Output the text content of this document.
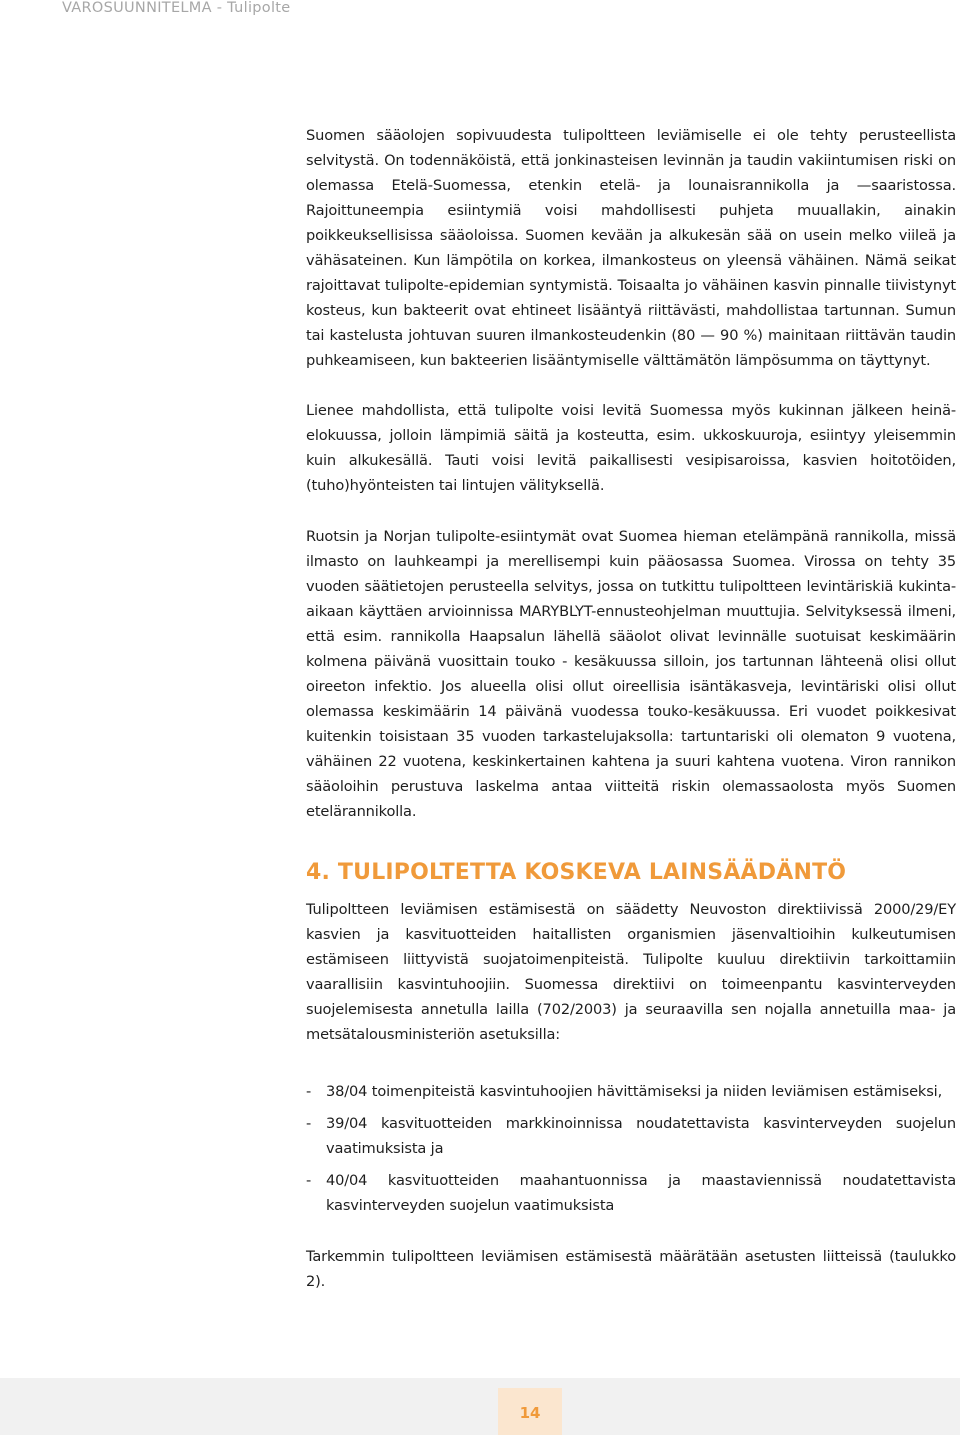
VAROSUUNNITELMA - Tulipolte

Suomen sääolojen sopivuudesta tulipoltteen leviämiselle ei ole tehty perusteellista selvitystä. On todennäköistä, että jonkinasteisen levinnän ja taudin vakiintumisen riski on olemassa Etelä-Suomessa, etenkin etelä- ja lounaisrannikolla ja —saaristossa. Rajoittuneempia esiintymiä voisi mahdollisesti puhjeta muuallakin, ainakin poikkeuksellisissa sääoloissa. Suomen kevään ja alkukesän sää on usein melko viileä ja vähäsateinen. Kun lämpötila on korkea, ilmankosteus on yleensä vähäinen. Nämä seikat rajoittavat tulipolte-epidemian syntymistä. Toisaalta jo vähäinen kasvin pinnalle tiivistynyt kosteus, kun bakteerit ovat ehtineet lisääntyä riittävästi, mahdollistaa tartunnan. Sumun tai kastelusta johtuvan suuren ilmankosteudenkin (80 — 90 %) mainitaan riittävän taudin puhkeamiseen, kun bakteerien lisääntymiselle välttämätön lämpösumma on täyttynyt.

Lienee mahdollista, että tulipolte voisi levitä Suomessa myös kukinnan jälkeen heinä-elokuussa, jolloin lämpimiä säitä ja kosteutta, esim. ukkoskuuroja, esiintyy yleisemmin kuin alkukesällä. Tauti voisi levitä paikallisesti vesipisaroissa, kasvien hoitotöiden, (tuho)hyönteisten tai lintujen välityksellä.

Ruotsin ja Norjan tulipolte-esiintymät ovat Suomea hieman etelämpänä rannikolla, missä ilmasto on lauhkeampi ja merellisempi kuin pääosassa Suomea. Virossa on tehty 35 vuoden säätietojen perusteella selvitys, jossa on tutkittu tulipoltteen levintäriskiä kukinta-aikaan käyttäen arvioinnissa MARYBLYT-ennusteohjelman muuttujia. Selvityksessä ilmeni, että esim. rannikolla Haapsalun lähellä sääolot olivat levinnälle suotuisat keskimäärin kolmena päivänä vuosittain touko - kesäkuussa silloin, jos tartunnan lähteenä olisi ollut oireeton infektio. Jos alueella olisi ollut oireellisia isäntäkasveja, levintäriski olisi ollut olemassa keskimäärin 14 päivänä vuodessa touko-kesäkuussa. Eri vuodet poikkesivat kuitenkin toisistaan 35 vuoden tarkastelujaksolla: tartuntariski oli olematon 9 vuotena, vähäinen 22 vuotena, keskinkertainen kahtena ja suuri kahtena vuotena. Viron rannikon sääoloihin perustuva laskelma antaa viitteitä riskin olemassaolosta myös Suomen etelärannikolla.

4. TULIPOLTETTA KOSKEVA LAINSÄÄDÄNTÖ

Tulipoltteen leviämisen estämisestä on säädetty Neuvoston direktiivissä 2000/29/EY kasvien ja kasvituotteiden haitallisten organismien jäsenvaltioihin kulkeutumisen estämiseen liittyvistä suojatoimenpiteistä. Tulipolte kuuluu direktiivin tarkoittamiin vaarallisiin kasvintuhoojiin. Suomessa direktiivi on toimeenpantu kasvinterveyden suojelemisesta annetulla lailla (702/2003) ja seuraavilla sen nojalla annetuilla maa- ja metsätalousministeriön asetuksilla:

- 38/04 toimenpiteistä kasvintuhoojien hävittämiseksi ja niiden leviämisen estämiseksi,
- 39/04 kasvituotteiden markkinoinnissa noudatettavista kasvinterveyden suojelun vaatimuksista ja
- 40/04 kasvituotteiden maahantuonnissa ja maastaviennissä noudatettavista kasvinterveyden suojelun vaatimuksista

Tarkemmin tulipoltteen leviämisen estämisestä määrätään asetusten liitteissä (taulukko 2).

14
